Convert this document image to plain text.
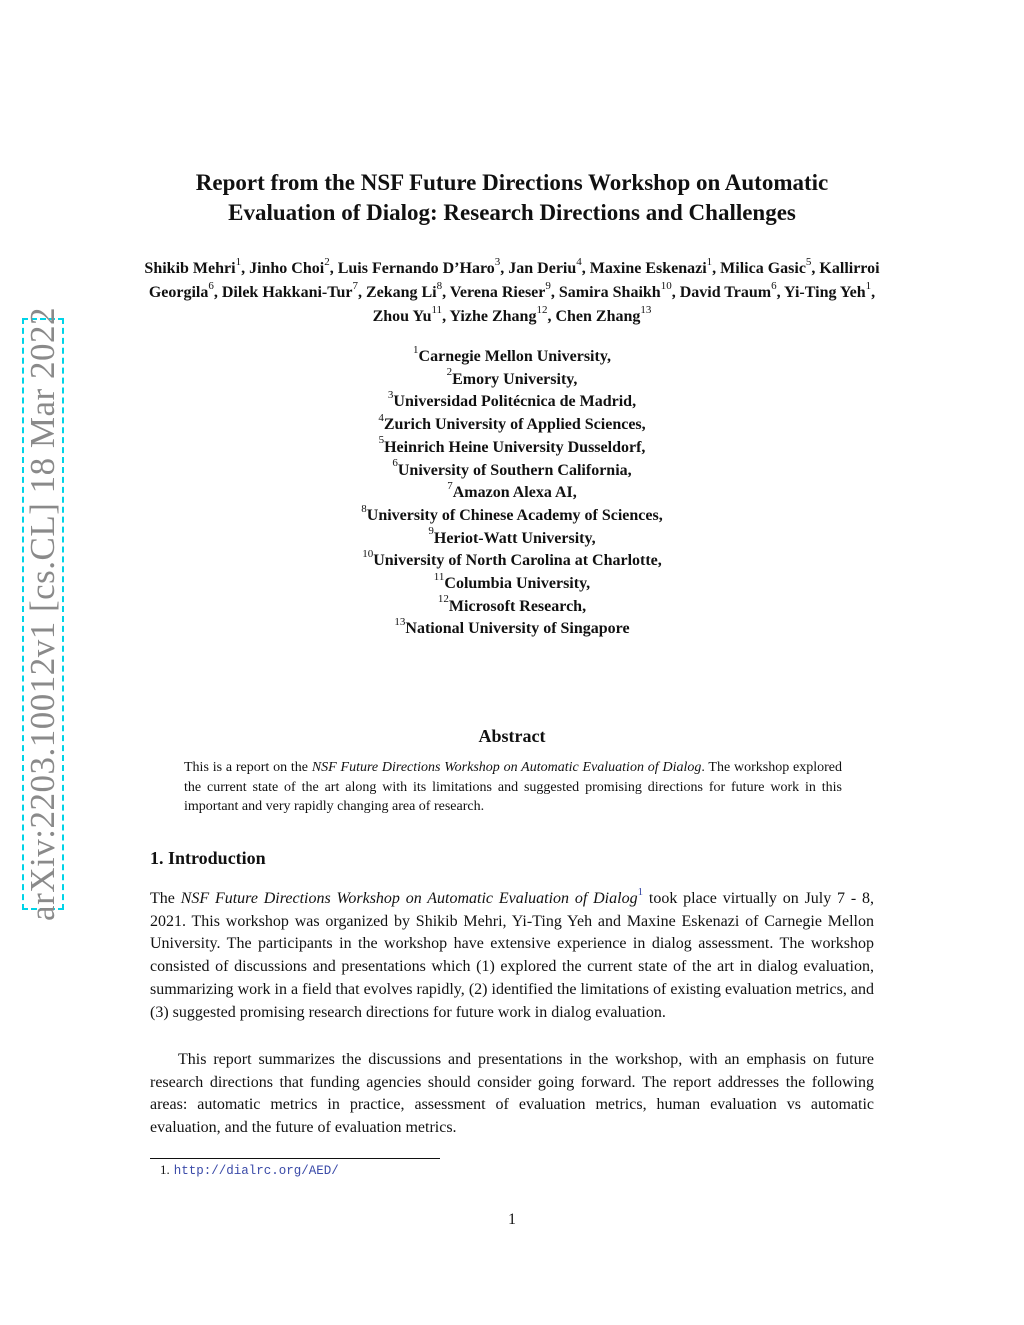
arXiv:2203.10012v1 [cs.CL] 18 Mar 2022
Report from the NSF Future Directions Workshop on Automatic
Evaluation of Dialog: Research Directions and Challenges
Shikib Mehri$^1$, Jinho Choi$^2$, Luis Fernando D’Haro$^3$, Jan Deriu$^4$, Maxine Eskenazi$^1$, Milica Gasic$^5$, Kallirroi Georgila$^6$, Dilek Hakkani-Tur$^7$, Zekang Li$^8$, Verena Rieser$^9$, Samira Shaikh$^{10}$, David Traum$^6$, Yi-Ting Yeh$^1$, Zhou Yu$^{11}$, Yizhe Zhang$^{12}$, Chen Zhang$^{13}$
$^1$Carnegie Mellon University,
$^2$Emory University,
$^3$Universidad Politécnica de Madrid,
$^4$Zurich University of Applied Sciences,
$^5$Heinrich Heine University Dusseldorf,
$^6$University of Southern California,
$^7$Amazon Alexa AI,
$^8$University of Chinese Academy of Sciences,
$^9$Heriot-Watt University,
$^{10}$University of North Carolina at Charlotte,
$^{11}$Columbia University,
$^{12}$Microsoft Research,
$^{13}$National University of Singapore
Abstract
This is a report on the NSF Future Directions Workshop on Automatic Evaluation of Dialog. The workshop explored the current state of the art along with its limitations and suggested promising directions for future work in this important and very rapidly changing area of research.
1. Introduction
The NSF Future Directions Workshop on Automatic Evaluation of Dialog$^1$ took place virtually on July 7 - 8, 2021. This workshop was organized by Shikib Mehri, Yi-Ting Yeh and Maxine Eskenazi of Carnegie Mellon University. The participants in the workshop have extensive experience in dialog assessment. The workshop consisted of discussions and presentations which (1) explored the current state of the art in dialog evaluation, summarizing work in a field that evolves rapidly, (2) identified the limitations of existing evaluation metrics, and (3) suggested promising research directions for future work in dialog evaluation.
This report summarizes the discussions and presentations in the workshop, with an emphasis on future research directions that funding agencies should consider going forward. The report addresses the following areas: automatic metrics in practice, assessment of evaluation metrics, human evaluation vs automatic evaluation, and the future of evaluation metrics.
1. http://dialrc.org/AED/
1
